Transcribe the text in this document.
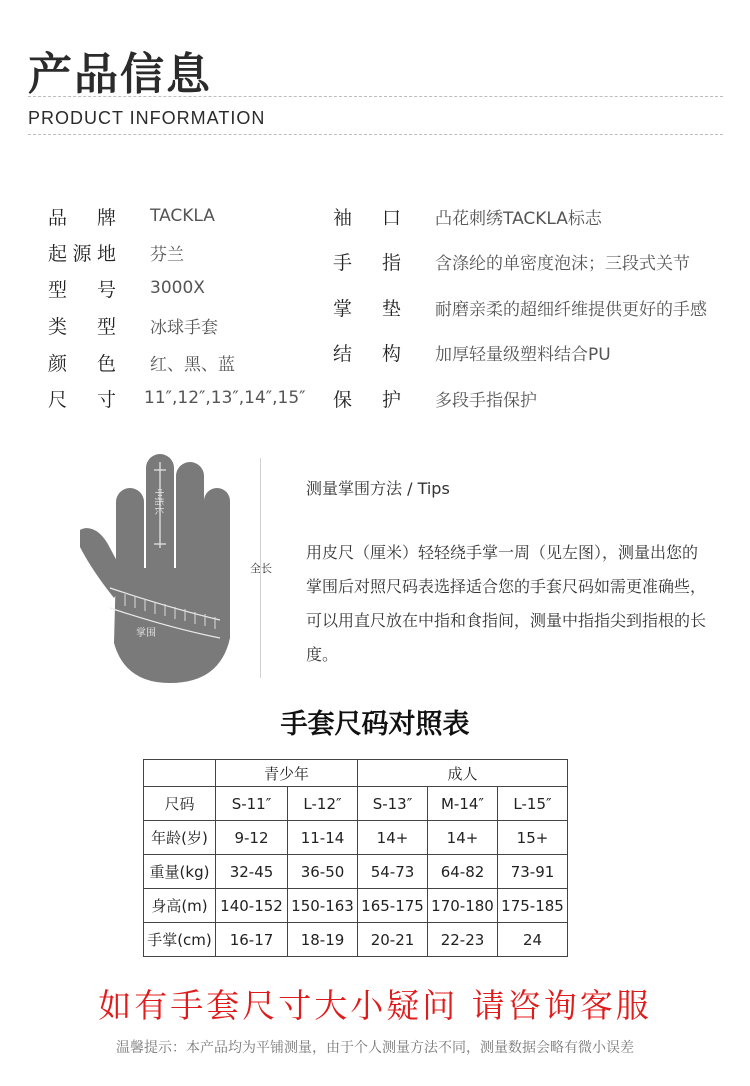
产品信息
PRODUCT INFORMATION
品 牌 TACKLA
起 源 地 芬兰
型 号 3000X
类 型 冰球手套
颜 色 红、黑、蓝
尺 寸 11″,12″,13″,14″,15″
袖 口 凸花刺绣TACKLA标志
手 指 含涤纶的单密度泡沫；三段式关节
掌 垫 耐磨亲柔的超细纤维提供更好的手感
结 构 加厚轻量级塑料结合PU
保 护 多段手指保护
中指长
掌围
全长
测量掌围方法 / Tips
用皮尺（厘米）轻轻绕手掌一周（见左图），测量出您的掌围后对照尺码表选择适合您的手套尺码如需更准确些，可以用直尺放在中指和食指间，测量中指指尖到指根的长度。
手套尺码对照表
	青少年		成人		
尺码	S-11″	L-12″	S-13″	M-14″	L-15″
年龄(岁)	9-12	11-14	14+	14+	15+
重量(kg)	32-45	36-50	54-73	64-82	73-91
身高(m)	140-152	150-163	165-175	170-180	175-185
手掌(cm)	16-17	18-19	20-21	22-23	24
如有手套尺寸大小疑问 请咨询客服
温馨提示：本产品均为平铺测量，由于个人测量方法不同，测量数据会略有微小误差
